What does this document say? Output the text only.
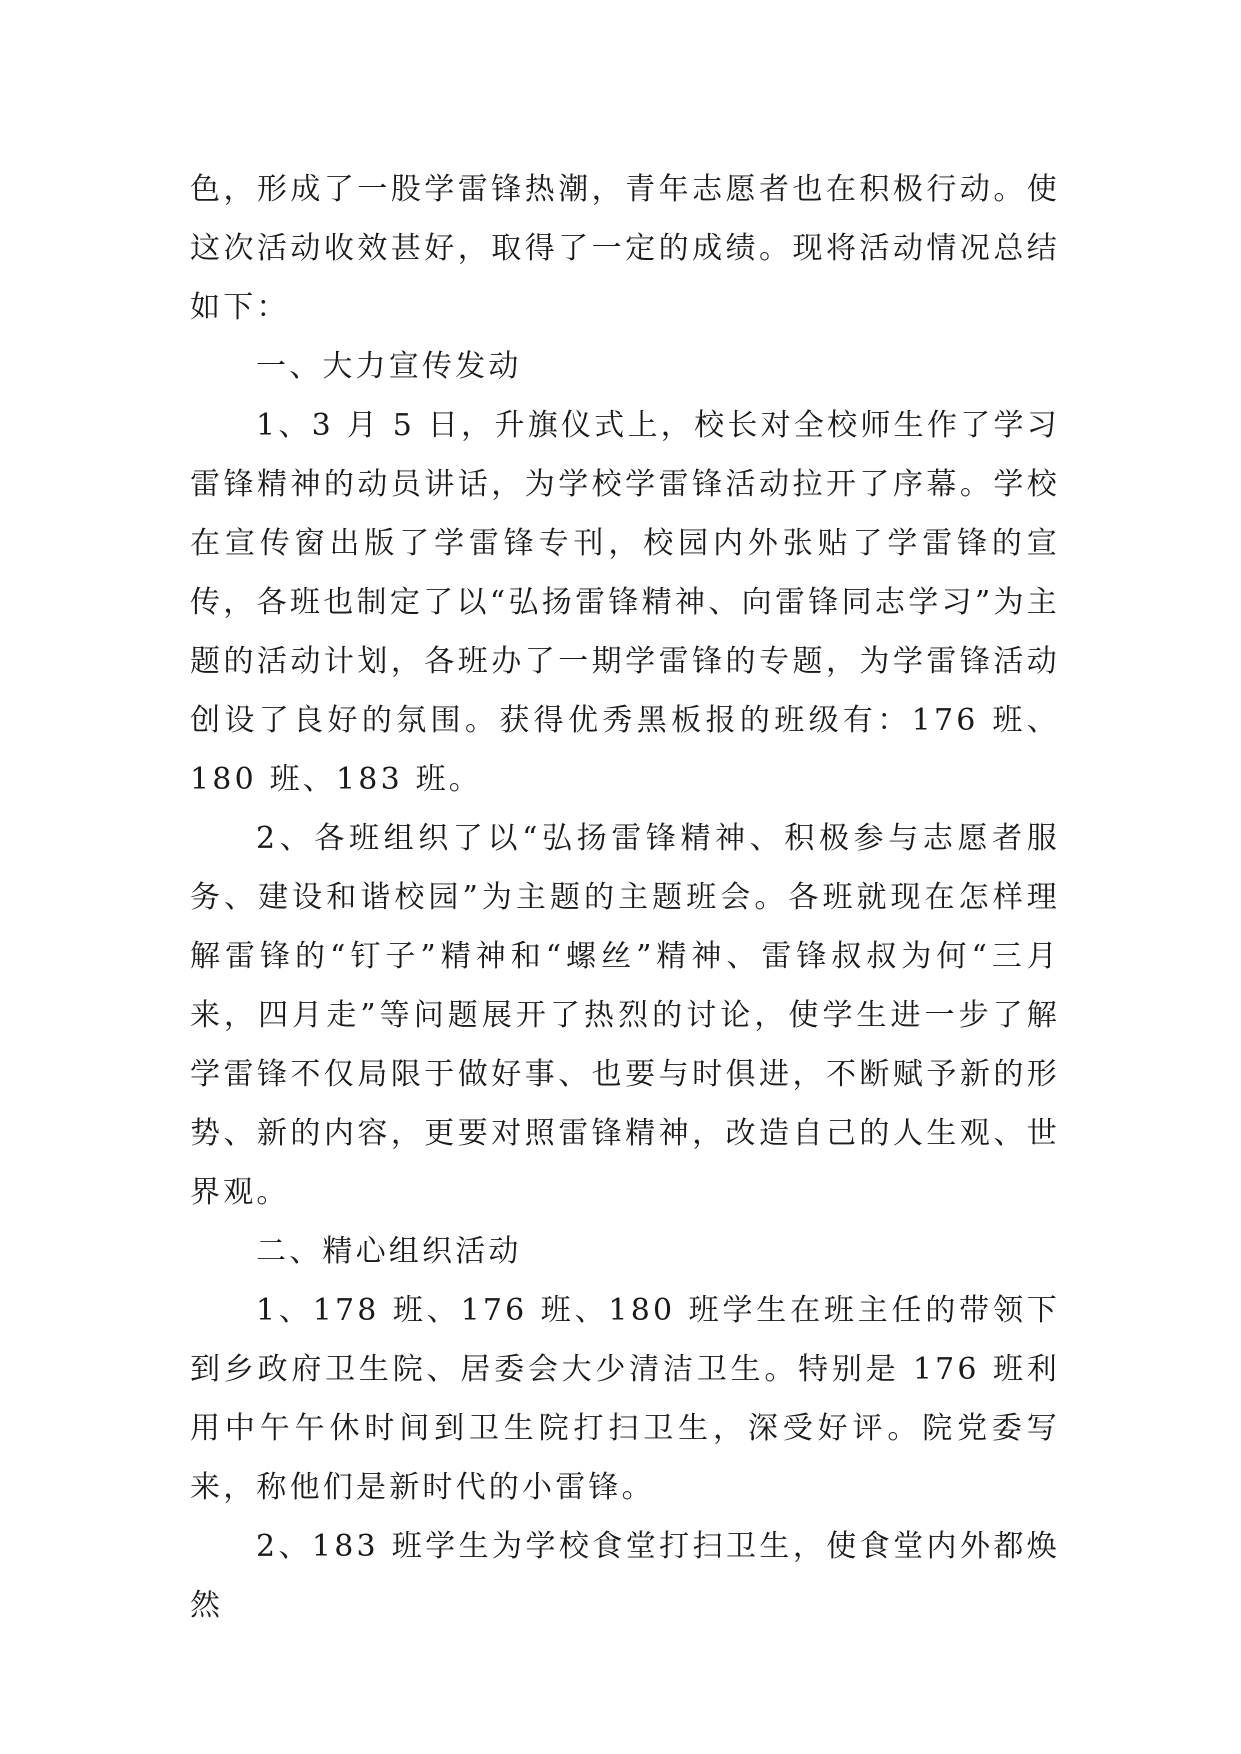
色，形成了一股学雷锋热潮，青年志愿者也在积极行动。使这次活动收效甚好，取得了一定的成绩。现将活动情况总结如下：

一、大力宣传发动

1、3 月 5 日，升旗仪式上，校长对全校师生作了学习雷锋精神的动员讲话，为学校学雷锋活动拉开了序幕。学校在宣传窗出版了学雷锋专刊，校园内外张贴了学雷锋的宣传，各班也制定了以“弘扬雷锋精神、向雷锋同志学习”为主题的活动计划，各班办了一期学雷锋的专题，为学雷锋活动创设了良好的氛围。获得优秀黑板报的班级有：176 班、180 班、183 班。

2、各班组织了以“弘扬雷锋精神、积极参与志愿者服务、建设和谐校园”为主题的主题班会。各班就现在怎样理解雷锋的“钉子”精神和“螺丝”精神、雷锋叔叔为何“三月来，四月走”等问题展开了热烈的讨论，使学生进一步了解学雷锋不仅局限于做好事、也要与时俱进，不断赋予新的形势、新的内容，更要对照雷锋精神，改造自己的人生观、世界观。

二、精心组织活动

1、178 班、176 班、180 班学生在班主任的带领下到乡政府卫生院、居委会大少清洁卫生。特别是 176 班利用中午午休时间到卫生院打扫卫生，深受好评。院党委写来，称他们是新时代的小雷锋。

2、183 班学生为学校食堂打扫卫生，使食堂内外都焕然
